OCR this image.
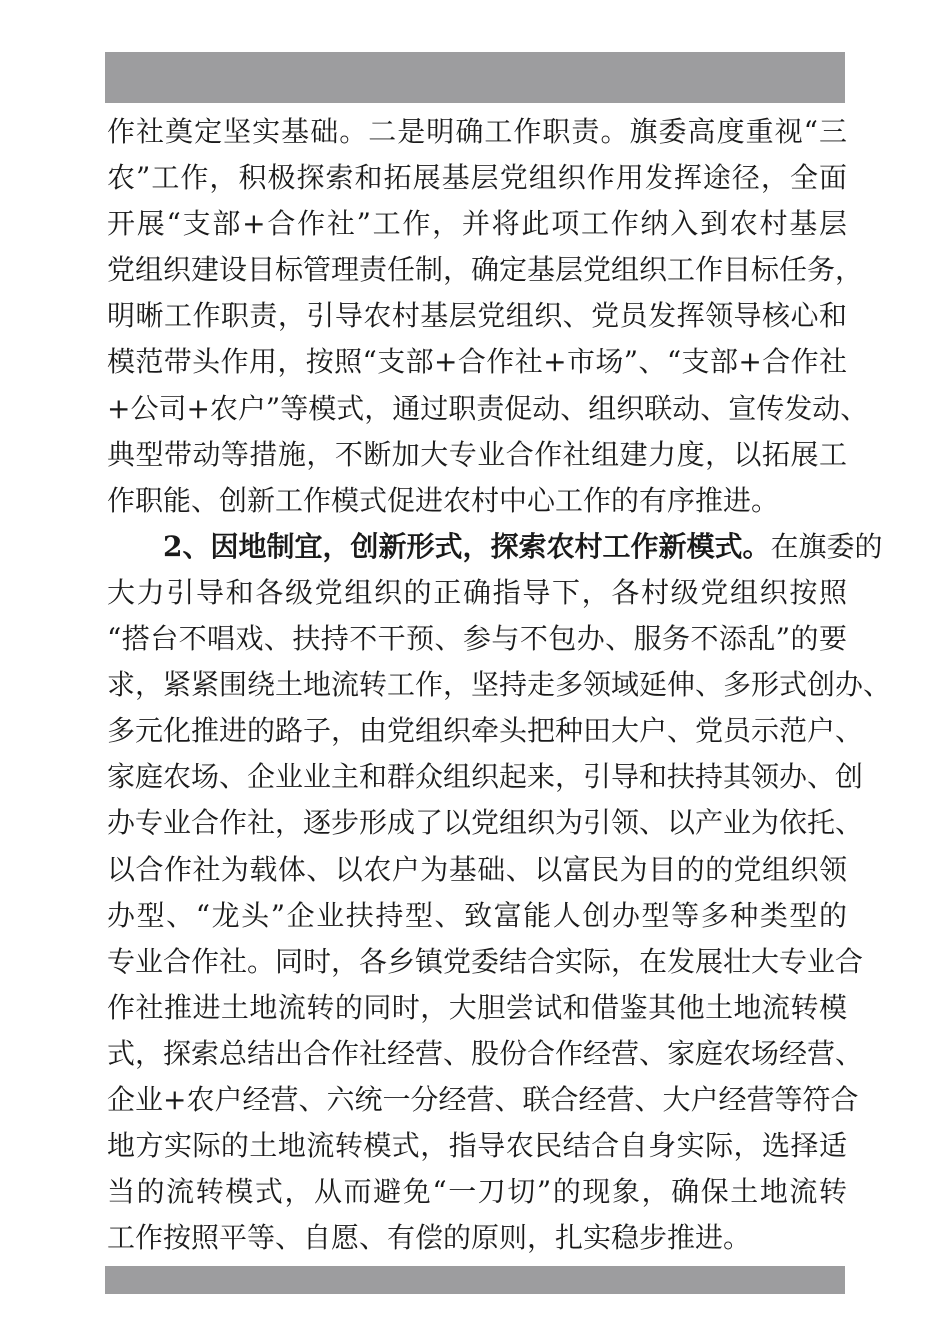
作社奠定坚实基础。二是明确工作职责。旗委高度重视“三
农”工作，积极探索和拓展基层党组织作用发挥途径，全面
开展“支部+合作社”工作，并将此项工作纳入到农村基层
党组织建设目标管理责任制，确定基层党组织工作目标任务，
明晰工作职责，引导农村基层党组织、党员发挥领导核心和
模范带头作用，按照“支部+合作社+市场”、“支部+合作社
+公司+农户”等模式，通过职责促动、组织联动、宣传发动、
典型带动等措施，不断加大专业合作社组建力度，以拓展工
作职能、创新工作模式促进农村中心工作的有序推进。
2、因地制宜，创新形式，探索农村工作新模式。在旗委的
大力引导和各级党组织的正确指导下，各村级党组织按照
“搭台不唱戏、扶持不干预、参与不包办、服务不添乱”的要
求，紧紧围绕土地流转工作，坚持走多领域延伸、多形式创办、
多元化推进的路子，由党组织牵头把种田大户、党员示范户、
家庭农场、企业业主和群众组织起来，引导和扶持其领办、创
办专业合作社，逐步形成了以党组织为引领、以产业为依托、
以合作社为载体、以农户为基础、以富民为目的的党组织领
办型、“龙头”企业扶持型、致富能人创办型等多种类型的
专业合作社。同时，各乡镇党委结合实际，在发展壮大专业合
作社推进土地流转的同时，大胆尝试和借鉴其他土地流转模
式，探索总结出合作社经营、股份合作经营、家庭农场经营、
企业+农户经营、六统一分经营、联合经营、大户经营等符合
地方实际的土地流转模式，指导农民结合自身实际，选择适
当的流转模式，从而避免“一刀切”的现象，确保土地流转
工作按照平等、自愿、有偿的原则，扎实稳步推进。
